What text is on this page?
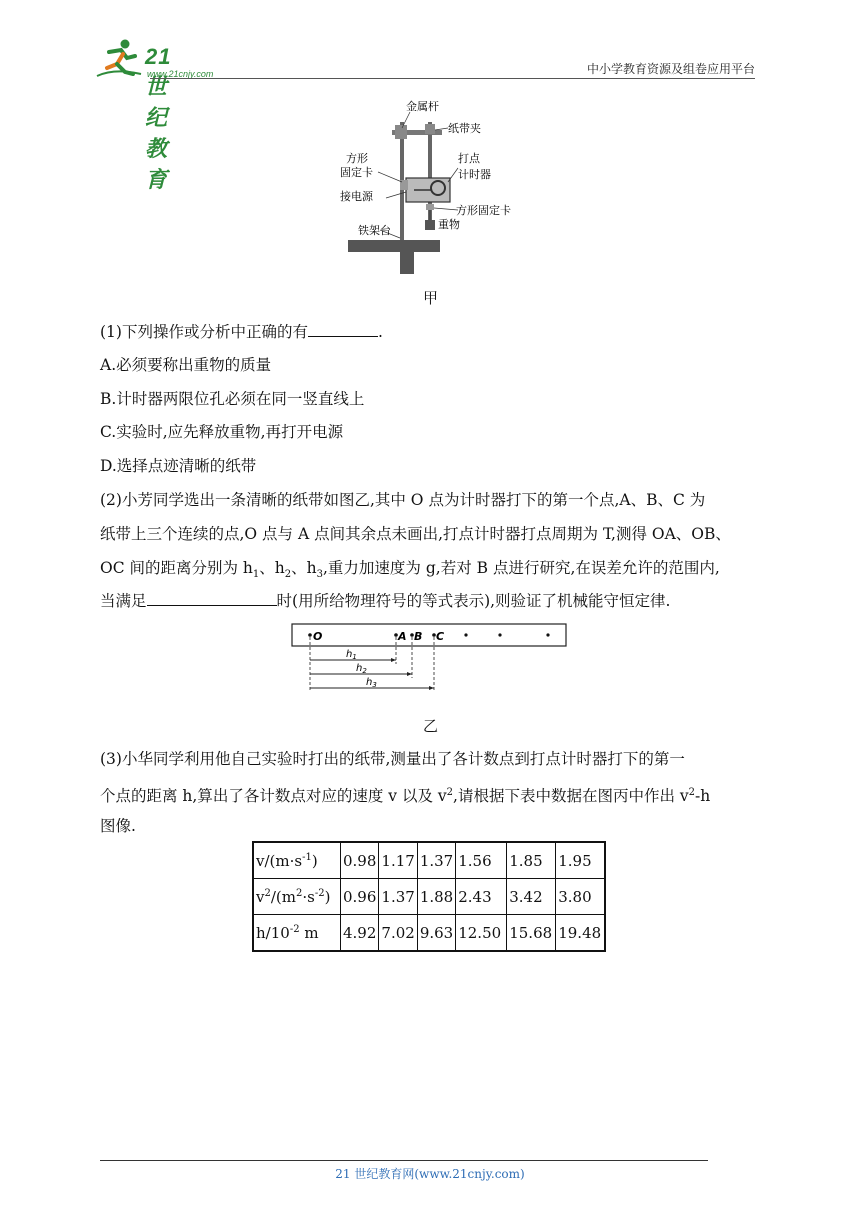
21世纪教育
www.21cnjy.com	中小学教育资源及组卷应用平台
金属杆
纸带夹
方形
固定卡
接电源
打点
计时器
方形固定卡
重物
铁架台
甲
(1)下列操作或分析中正确的有	.
A.必须要称出重物的质量
B.计时器两限位孔必须在同一竖直线上
C.实验时,应先释放重物,再打开电源
D.选择点迹清晰的纸带
(2)小芳同学选出一条清晰的纸带如图乙,其中 O 点为计时器打下的第一个点,A、B、C 为
纸带上三个连续的点,O 点与 A 点间其余点未画出,打点计时器打点周期为 T,测得 OA、OB、
OC 间的距离分别为 $h_1$、$h_2$、$h_3$,重力加速度为 g,若对 B 点进行研究,在误差允许的范围内,
当满足	时(用所给物理符号的等式表示),则验证了机械能守恒定律.
O	A B C
$h_1$
$h_2$
$h_3$
乙
(3)小华同学利用他自己实验时打出的纸带,测量出了各计数点到打点计时器打下的第一
个点的距离 h,算出了各计数点对应的速度 v 以及 $v^2$,请根据下表中数据在图丙中作出 $v^2-h$
图像.
$v/(m\cdot s^{-1})$	0.98	1.17	1.37	1.56	1.85	1.95
$v^2/(m^2\cdot s^{-2})$	0.96	1.37	1.88	2.43	3.42	3.80
$h/10^{-2}$ m	4.92	7.02	9.63	12.50	15.68	19.48
21 世纪教育网(www.21cnjy.com)
